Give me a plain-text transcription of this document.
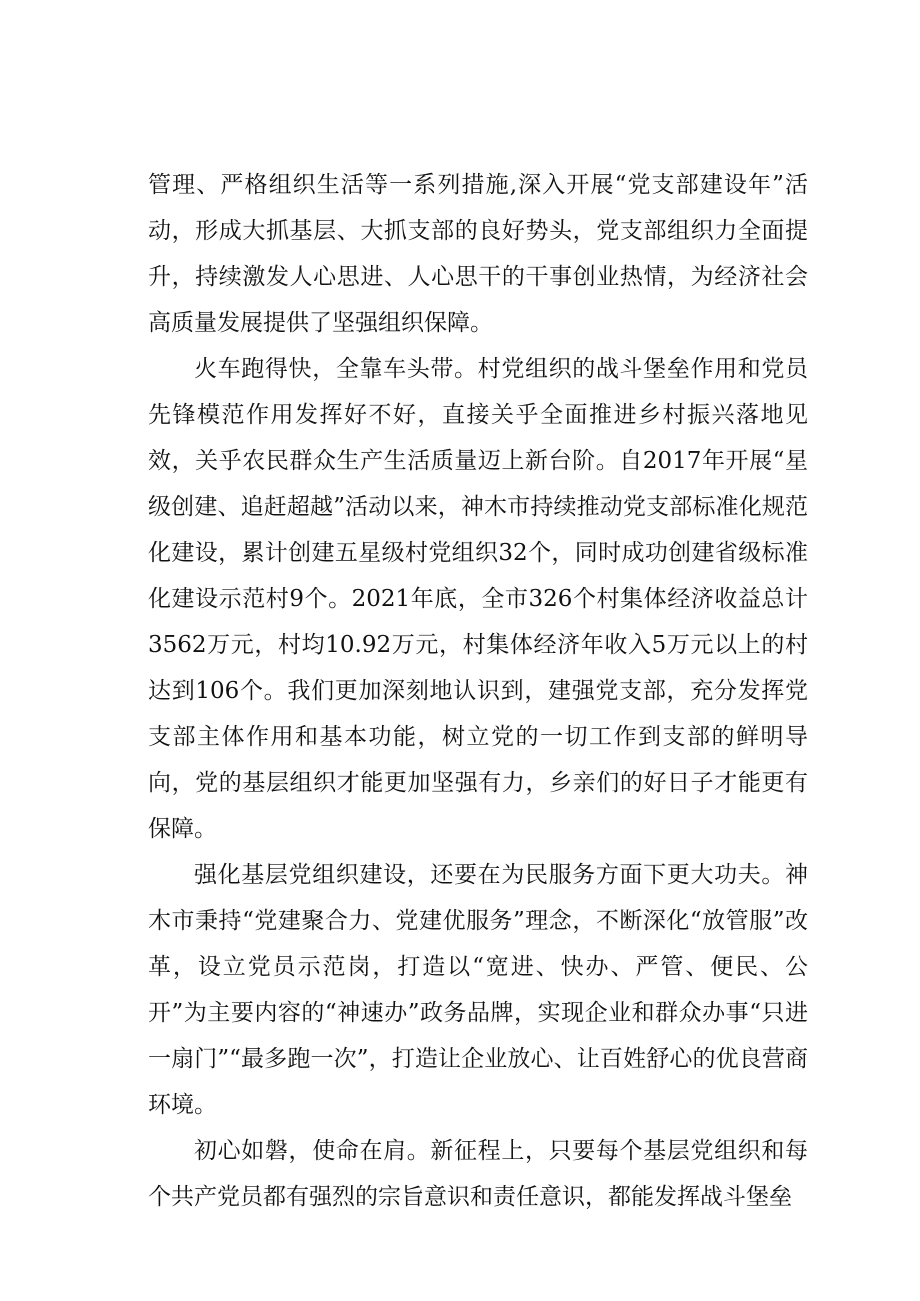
管理、严格组织生活等一系列措施,深入开展“党支部建设年”活动，形成大抓基层、大抓支部的良好势头，党支部组织力全面提升，持续激发人心思进、人心思干的干事创业热情，为经济社会高质量发展提供了坚强组织保障。

火车跑得快，全靠车头带。村党组织的战斗堡垒作用和党员先锋模范作用发挥好不好，直接关乎全面推进乡村振兴落地见效，关乎农民群众生产生活质量迈上新台阶。自2017年开展“星级创建、追赶超越”活动以来，神木市持续推动党支部标准化规范化建设，累计创建五星级村党组织32个，同时成功创建省级标准化建设示范村9个。2021年底，全市326个村集体经济收益总计3562万元，村均10.92万元，村集体经济年收入5万元以上的村达到106个。我们更加深刻地认识到，建强党支部，充分发挥党支部主体作用和基本功能，树立党的一切工作到支部的鲜明导向，党的基层组织才能更加坚强有力，乡亲们的好日子才能更有保障。

强化基层党组织建设，还要在为民服务方面下更大功夫。神木市秉持“党建聚合力、党建优服务”理念，不断深化“放管服”改革，设立党员示范岗，打造以“宽进、快办、严管、便民、公开”为主要内容的“神速办”政务品牌，实现企业和群众办事“只进一扇门”“最多跑一次”，打造让企业放心、让百姓舒心的优良营商环境。

初心如磐，使命在肩。新征程上，只要每个基层党组织和每个共产党员都有强烈的宗旨意识和责任意识，都能发挥战斗堡垒
